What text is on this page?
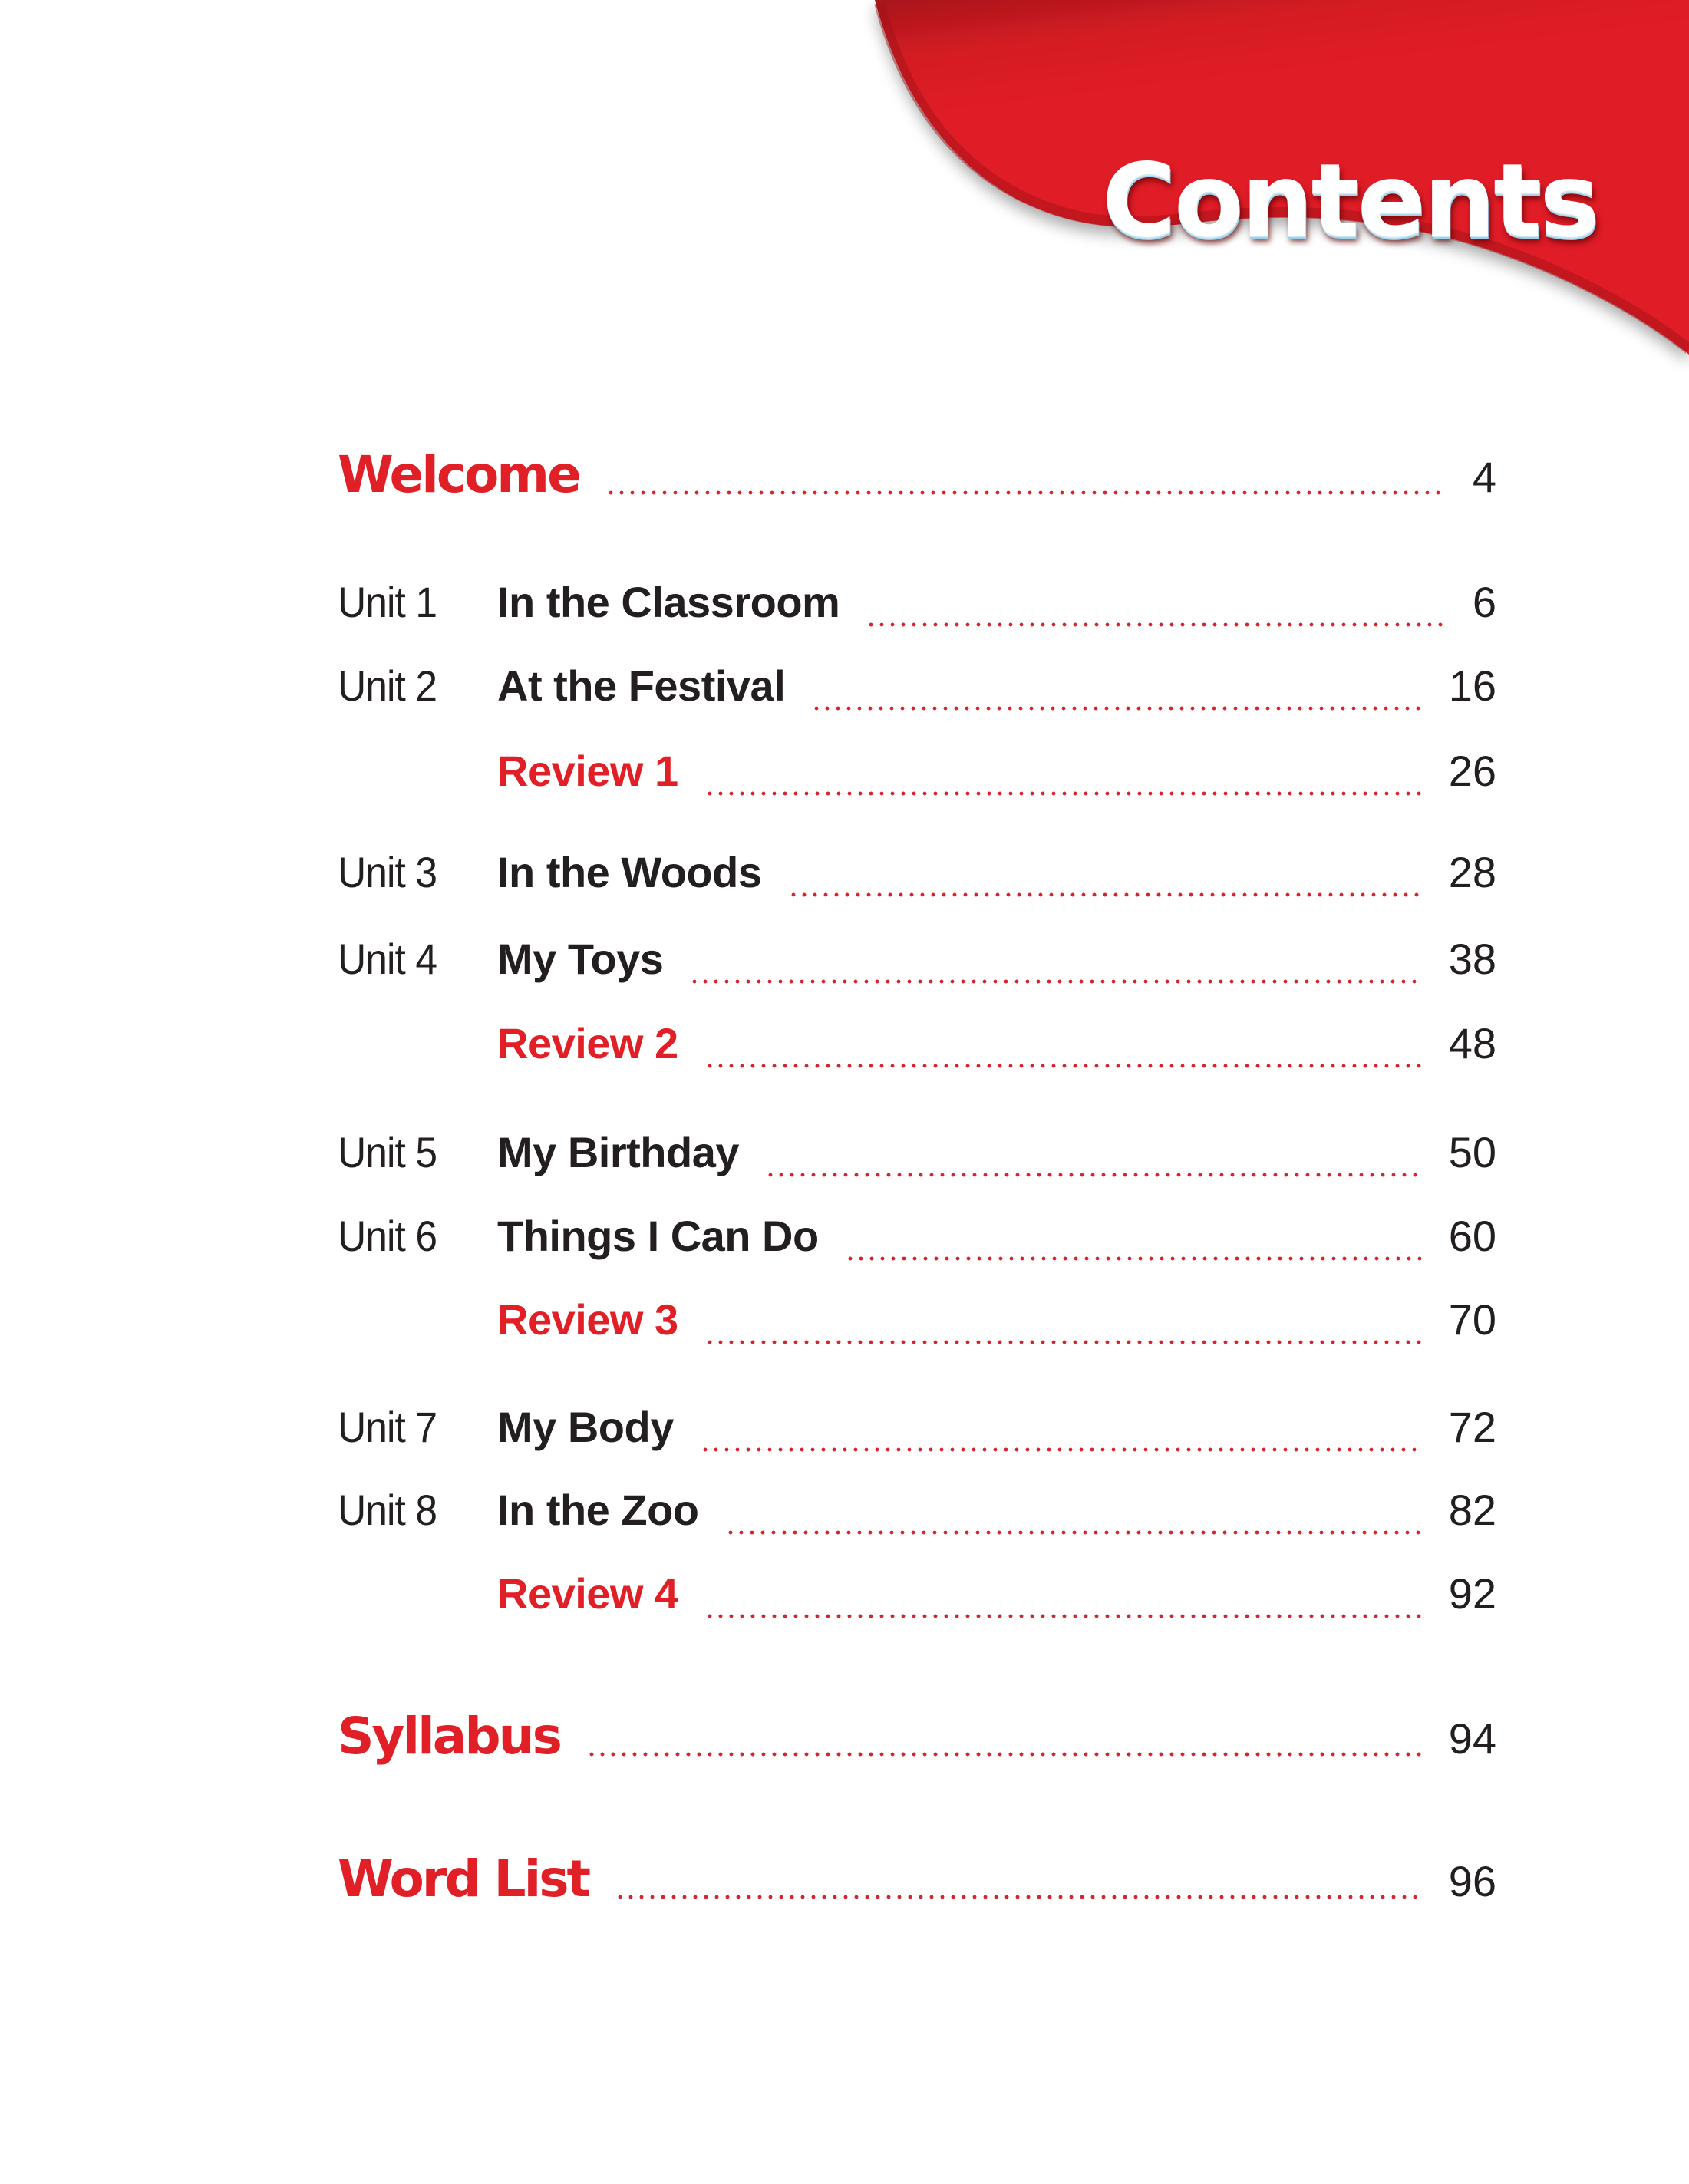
Contents
Welcome	4
Unit 1	In the Classroom	6
Unit 2	At the Festival	16
Review 1	26
Unit 3	In the Woods	28
Unit 4	My Toys	38
Review 2	48
Unit 5	My Birthday	50
Unit 6	Things I Can Do	60
Review 3	70
Unit 7	My Body	72
Unit 8	In the Zoo	82
Review 4	92
Syllabus	94
Word List	96
